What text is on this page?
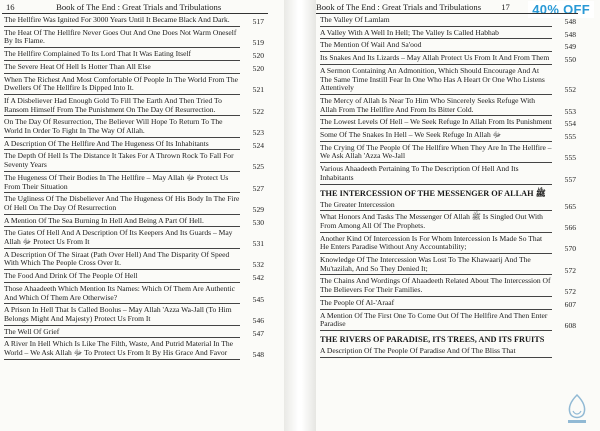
16	Book of The End : Great Trials and Tribulations
The Hellfire Was Ignited For 3000 Years Until It Became Black And Dark.	517
The Heat Of The Hellfire Never Goes Out And One Does Not Warm Oneself By Its Flame.	519
The Hellfire Complained To Its Lord That It Was Eating Itself	520
The Severe Heat Of Hell Is Hotter Than All Else	520
When The Richest And Most Comfortable Of People In The World From The Dwellers Of The Hellfire Is Dipped Into It.	521
If A Disbeliever Had Enough Gold To Fill The Earth And Then Tried To Ransom Himself From The Punishment On The Day Of Resurrection.	522
On The Day Of Resurrection, The Believer Will Hope To Return To The World In Order To Fight In The Way Of Allah.	523
A Description Of The Hellfire And The Hugeness Of Its Inhabitants	524
The Depth Of Hell Is The Distance It Takes For A Thrown Rock To Fall For Seventy Years	525
The Hugeness Of Their Bodies In The Hellfire – May Allah ﷻ Protect Us From Their Situation	527
The Ugliness Of The Disbeliever And The Hugeness Of His Body In The Fire Of Hell On The Day Of Resurrection	529
A Mention Of The Sea Burning In Hell And Being A Part Of Hell.	530
The Gates Of Hell And A Description Of Its Keepers And Its Guards – May Allah ﷻ Protect Us From It	531
A Description Of The Siraat (Path Over Hell) And The Disparity Of Speed With Which The People Cross Over It.	532
The Food And Drink Of The People Of Hell	542
Those Ahaadeeth Which Mention Its Names: Which Of Them Are Authentic And Which Of Them Are Otherwise?	545
A Prison In Hell That Is Called Boolus – May Allah 'Azza Wa-Jall (To Him Belongs Might And Majesty) Protect Us From It	546
The Well Of Grief	547
A River In Hell Which Is Like The Filth, Waste, And Putrid Material In The World – We Ask Allah ﷻ To Protect Us From It By His Grace And Favor	548
Book of The End : Great Trials and Tribulations 17	40% OFF
The Valley Of Lamlam	548
A Valley With A Well In Hell; The Valley Is Called Habhab	548
The Mention Of Wail And Sa'ood	549
Its Snakes And Its Lizards – May Allah Protect Us From It And From Them	550
A Sermon Containing An Admonition, Which Should Encourage And At The Same Time Instill Fear In One Who Has A Heart Or One Who Listens Attentively	552
The Mercy of Allah Is Near To Him Who Sincerely Seeks Refuge With Allah From The Hellfire And From Its Bitter Cold.	553
The Lowest Levels Of Hell – We Seek Refuge In Allah From Its Punishment 554
Some Of The Snakes In Hell – We Seek Refuge In Allah ﷻ	555
The Crying Of The People Of The Hellfire When They Are In The Hellfire – We Ask Allah 'Azza We-Jall	555
Various Ahaadeeth Pertaining To The Description Of Hell And Its Inhabitants	557
THE INTERCESSION OF THE MESSENGER OF ALLAH ﷺ
The Greater Intercession	565
What Honors And Tasks The Messenger Of Allah ﷺ Is Singled Out With From Among All Of The Prophets.	566
Another Kind Of Intercession Is For Whom Intercession Is Made So That He Enters Paradise Without Any Accountability;	570
Knowledge Of The Intercession Was Lost To The Khawaarij And The Mu'tazilah, And So They Denied It;	572
The Chains And Wordings Of Ahaadeeth Related About The Intercession Of The Believers For Their Families.	572
The People Of Al-'Araaf	607
A Mention Of The First One To Come Out Of The Hellfire And Then Enter Paradise	608
THE RIVERS OF PARADISE, ITS TREES, AND ITS FRUITS
A Description Of The People Of Paradise And Of The Bliss That
